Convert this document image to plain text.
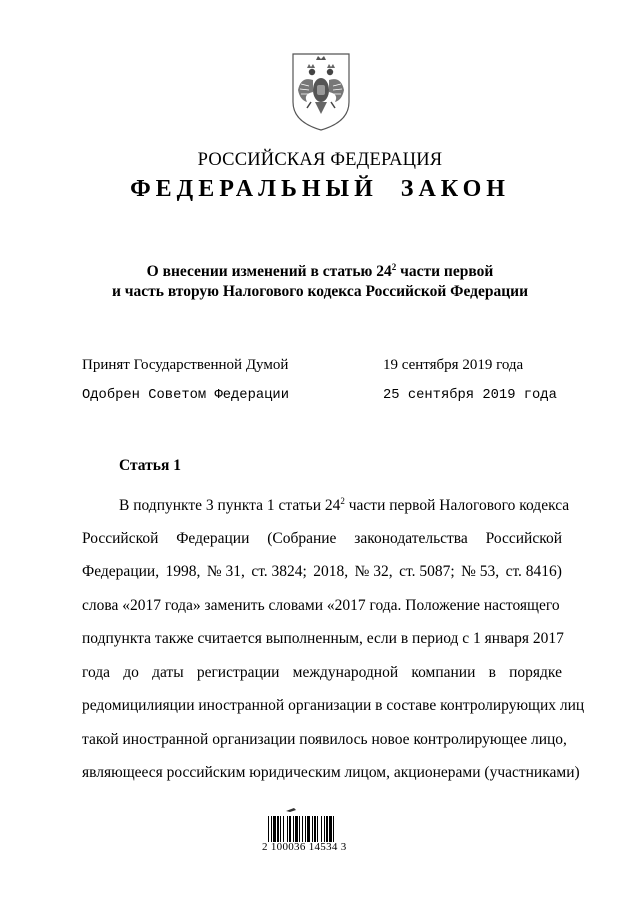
РОССИЙСКАЯ ФЕДЕРАЦИЯ
ФЕДЕРАЛЬНЫЙ ЗАКОН
О внесении изменений в статью $24^2$ части первой
и часть вторую Налогового кодекса Российской Федерации
Принят Государственной Думой	19 сентября 2019 года
Одобрен Советом Федерации	25 сентября 2019 года
Статья 1
В подпункте 3 пункта 1 статьи $24^2$ части первой Налогового кодекса
Российской Федерации (Собрание законодательства Российской
Федерации, 1998, № 31, ст. 3824; 2018, № 32, ст. 5087; № 53, ст. 8416)
слова «2017 года» заменить словами «2017 года. Положение настоящего
подпункта также считается выполненным, если в период с 1 января 2017
года до даты регистрации международной компании в порядке
редомицилияции иностранной организации в составе контролирующих лиц
такой иностранной организации появилось новое контролирующее лицо,
являющееся российским юридическим лицом, акционерами (участниками)
2 100036 14534 3
